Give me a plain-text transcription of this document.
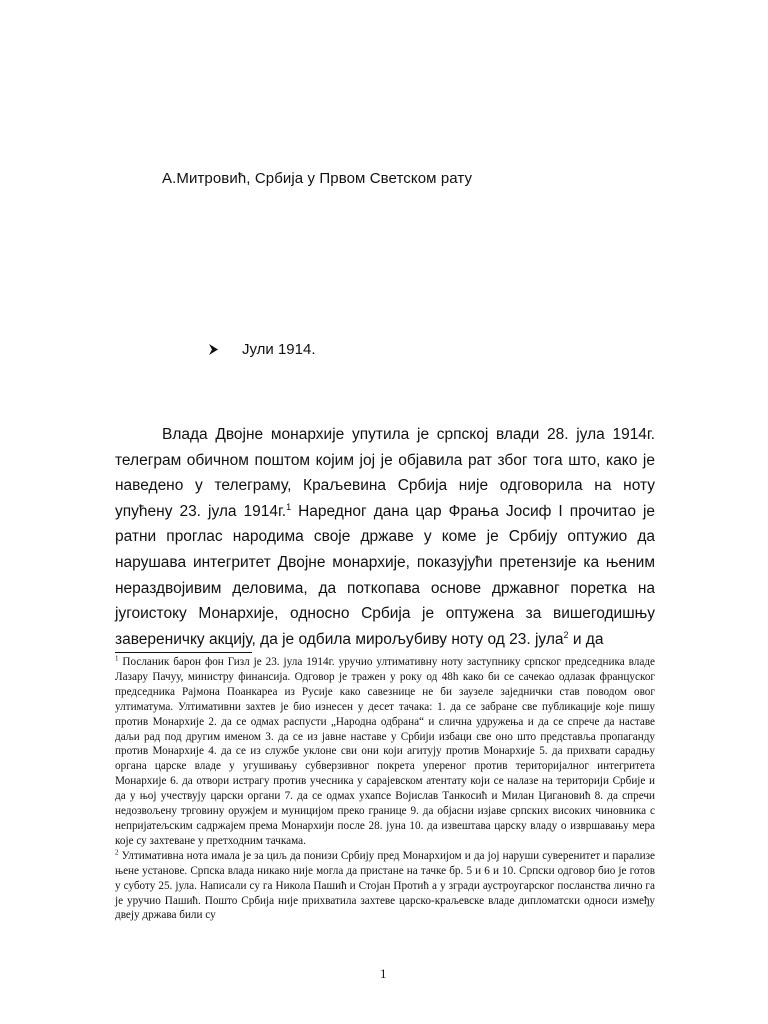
А.Митровић, Србија у Првом Светском рату
Јули 1914.

Влада Двојне монархије упутила је српској влади 28. јула 1914г. телеграм обичном поштом којим јој је објавила рат због тога што, како је наведено у телеграму, Краљевина Србија није одговорила на ноту упућену 23. јула 1914г.$^1$ Наредног дана цар Фрања Јосиф I прочитао је ратни проглас народима своје државе у коме је Србију оптужио да нарушава интегритет Двојне монархије, показујући претензије ка њеним нераздвојивим деловима, да поткопава основе државног поретка на југоистоку Монархије, односно Србија је оптужена за вишегодишњу завереничку акцију, да је одбила мирољубиву ноту од 23. јула$^2$ и да

$^1$ Посланик барон фон Гизл је 23. јула 1914г. уручио ултимативну ноту заступнику српског председника владе Лазару Пачуу, министру финансија. Одговор је тражен у року од 48h како би се сачекао одлазак француског председника Рајмона Поанкареа из Русије како савезнице не би заузеле заједнички став поводом овог ултиматума. Ултимативни захтев је био изнесен у десет тачака: 1. да се забране све публикације које пишу против Монархије 2. да се одмах распусти „Народна одбрана“ и слична удружења и да се спрече да наставе даљи рад под другим именом 3. да се из јавне наставе у Србији избаци све оно што представља пропаганду против Монархије 4. да се из службе уклоне сви они који агитују против Монархије 5. да прихвати сарадњу органа царске владе у угушивању субверзивног покрета уперeног против територијалног интегритета Монархије 6. да отвори истрагу против учесника у сарајевском атентату који се налазе на територији Србије и да у њој учествују царски органи 7. да се одмах ухапсе Војислав Танкосић и Милан Цигановић 8. да спречи недозвољену трговину оружјем и муницијом преко границе 9. да објасни изјаве српских високих чиновника с непријатељским садржајем према Монархији после 28. јуна 10. да извештава царску владу о извршавању мера које су захтеване у претходним тачкама.

$^2$ Ултимативна нота имала је за циљ да понизи Србију пред Монархијом и да јој наруши суверенитет и парализе њене установе. Српска влада никако није могла да пристане на тачке бр. 5 и 6 и 10. Српски одговор био је готов у суботу 25. јула. Написали су га Никола Пашић и Стојан Протић а у згради аустроугарског посланства лично га је уручио Пашић. Пошто Србија није прихватила захтеве царско-краљевске владе дипломатски односи између двеју држава били су

1
